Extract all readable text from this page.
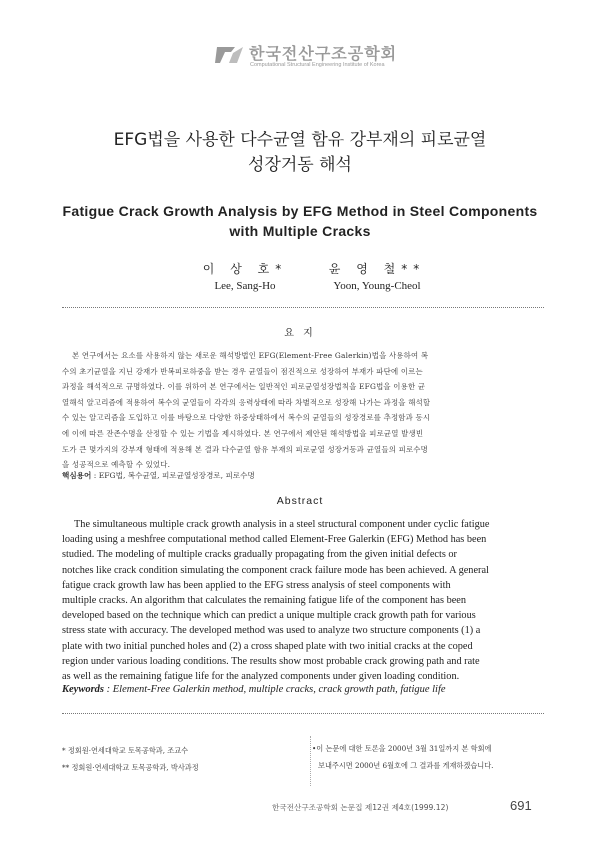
한국전산구조공학회
Computational Structural Engineering Institute of Korea
EFG법을 사용한 다수균열 함유 강부재의 피로균열
성장거동 해석
Fatigue Crack Growth Analysis by EFG Method in Steel Components
with Multiple Cracks
이 상 호*
Lee, Sang-Ho
윤 영 철**
Yoon, Young-Cheol
요 지
본 연구에서는 요소를 사용하지 않는 새로운 해석방법인 EFG(Element-Free Galerkin)법을 사용하여 복
수의 초기균열을 지닌 강재가 반복피로하중을 받는 경우 균열들이 점진적으로 성장하여 부재가 파단에 이르는
과정을 해석적으로 규명하였다. 이를 위하여 본 연구에서는 일반적인 피로균열성장법칙을 EFG법을 이용한 균
열해석 알고리즘에 적용하여 복수의 균열들이 각각의 응력상태에 따라 차별적으로 성장해 나가는 과정을 해석할
수 있는 알고리즘을 도입하고 이를 바탕으로 다양한 하중상태하에서 복수의 균열들의 성장경로를 추정함과 동시
에 이에 따른 잔존수명을 산정할 수 있는 기법을 제시하였다. 본 연구에서 제안된 해석방법을 피로균열 발생빈
도가 큰 몇가지의 강부재 형태에 적용해 본 결과 다수균열 함유 부재의 피로균열 성장거동과 균열들의 피로수명
을 성공적으로 예측할 수 있었다.
핵심용어 : EFG법, 복수균열, 피로균열성장경로, 피로수명
Abstract
The simultaneous multiple crack growth analysis in a steel structural component under cyclic fatigue
loading using a meshfree computational method called Element-Free Galerkin (EFG) Method has been
studied. The modeling of multiple cracks gradually propagating from the given initial defects or
notches like crack condition simulating the component crack failure mode has been achieved. A general
fatigue crack growth law has been applied to the EFG stress analysis of steel components with
multiple cracks. An algorithm that calculates the remaining fatigue life of the component has been
developed based on the technique which can predict a unique multiple crack growth path for various
stress state with accuracy. The developed method was used to analyze two structure components (1) a
plate with two initial punched holes and (2) a cross shaped plate with two initial cracks at the coped
region under various loading conditions. The results show most probable crack growing path and rate
as well as the remaining fatigue life for the analyzed components under given loading condition.
Keywords : Element-Free Galerkin method, multiple cracks, crack growth path, fatigue life
* 정회원·연세대학교 토목공학과, 조교수
** 정회원·연세대학교 토목공학과, 박사과정
•이 논문에 대한 토론을 2000년 3월 31일까지 본 학회에
보내주시면 2000년 6월호에 그 결과를 게재하겠습니다.
한국전산구조공학회 논문집 제12권 제4호(1999.12)	691
